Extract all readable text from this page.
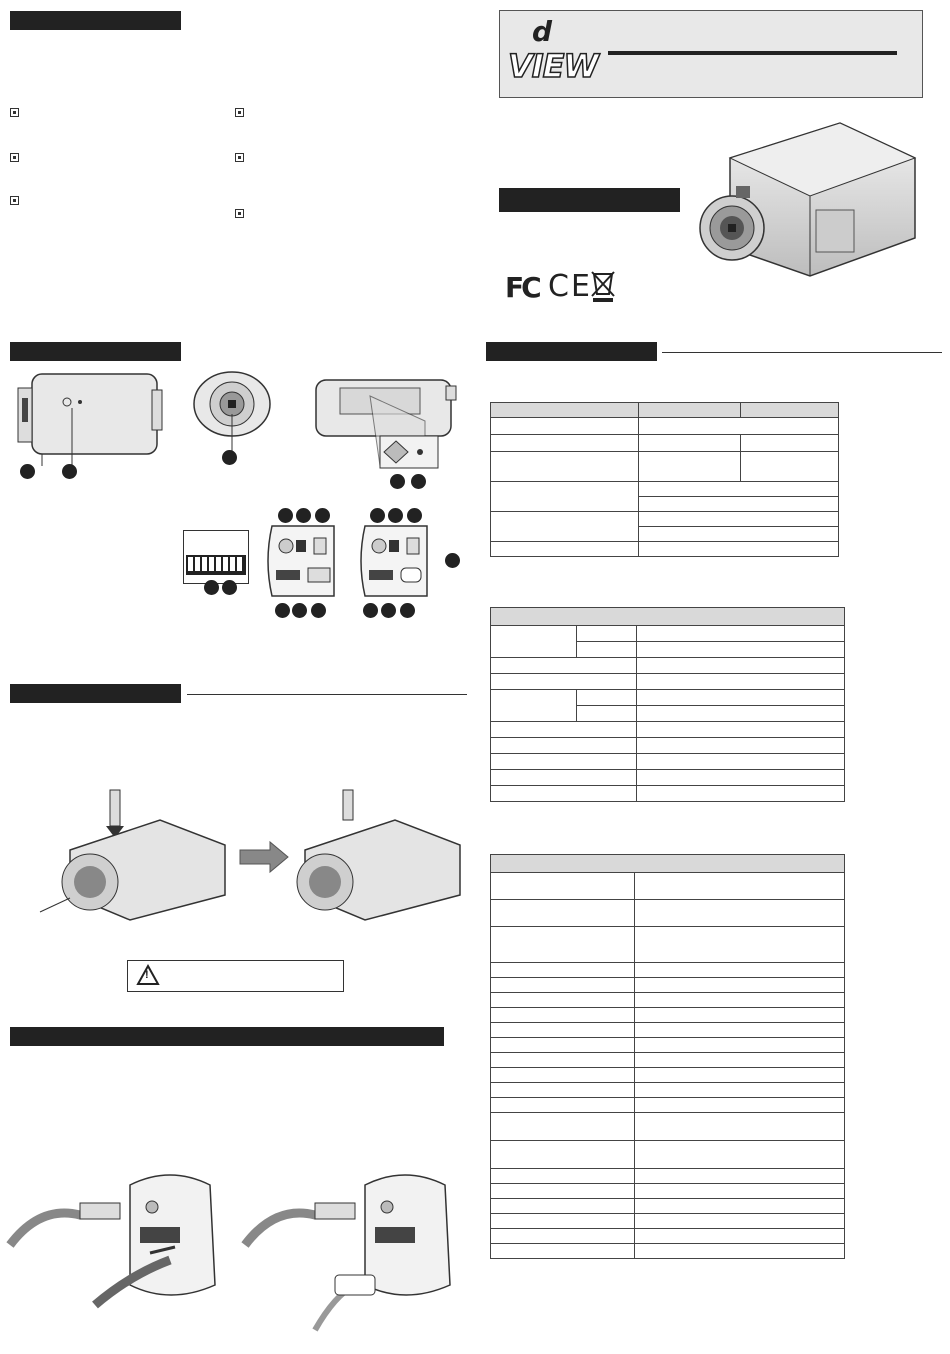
d
VIEW
FC CE
!
